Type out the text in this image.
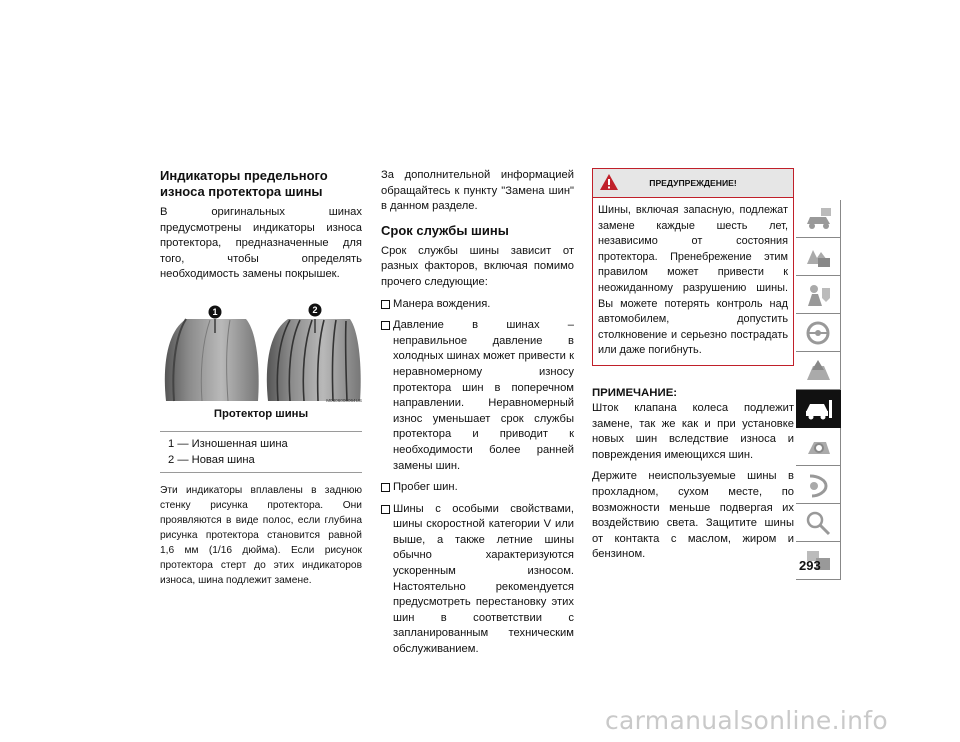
Индикаторы предельного износа протектора шины

В оригинальных шинах предусмотрены индикаторы износа протектора, предназначенные для того, чтобы определять необходимость замены покрышек.

1	2
M0806000064US
Протектор шины
1 — Изношенная шина
2 — Новая шина

Эти индикаторы вплавлены в заднюю стенку рисунка протектора. Они проявляются в виде полос, если глубина рисунка протектора становится равной 1,6 мм (1/16 дюйма). Если рисунок протектора стерт до этих индикаторов износа, шина подлежит замене.

За дополнительной информацией обращайтесь к пункту "Замена шин" в данном разделе.

Срок службы шины

Срок службы шины зависит от разных факторов, включая помимо прочего следующие:

Манера вождения.
Давление в шинах – неправильное давление в холодных шинах может привести к неравномерному износу протектора шин в поперечном направлении. Неравномерный износ уменьшает срок службы протектора и приводит к необходимости более ранней замены шин.
Пробег шин.
Шины с особыми свойствами, шины скоростной категории V или выше, а также летние шины обычно характеризуются ускоренным износом. Настоятельно рекомендуется предусмотреть перестановку этих шин в соответствии с запланированным техническим обслуживанием.
ПРЕДУПРЕЖДЕНИЕ!
Шины, включая запасную, подлежат замене каждые шесть лет, независимо от состояния протектора. Пренебрежение этим правилом может привести к неожиданному разрушению шины. Вы можете потерять контроль над автомобилем, допустить столкновение и серьезно пострадать или даже погибнуть.
ПРИМЕЧАНИЕ:

Шток клапана колеса подлежит замене, так же как и при установке новых шин вследствие износа и повреждения имеющихся шин.

Держите неиспользуемые шины в прохладном, сухом месте, по возможности меньше подвергая их воздействию света. Защитите шины от контакта с маслом, жиром и бензином.

293
carmanualsonline.info
